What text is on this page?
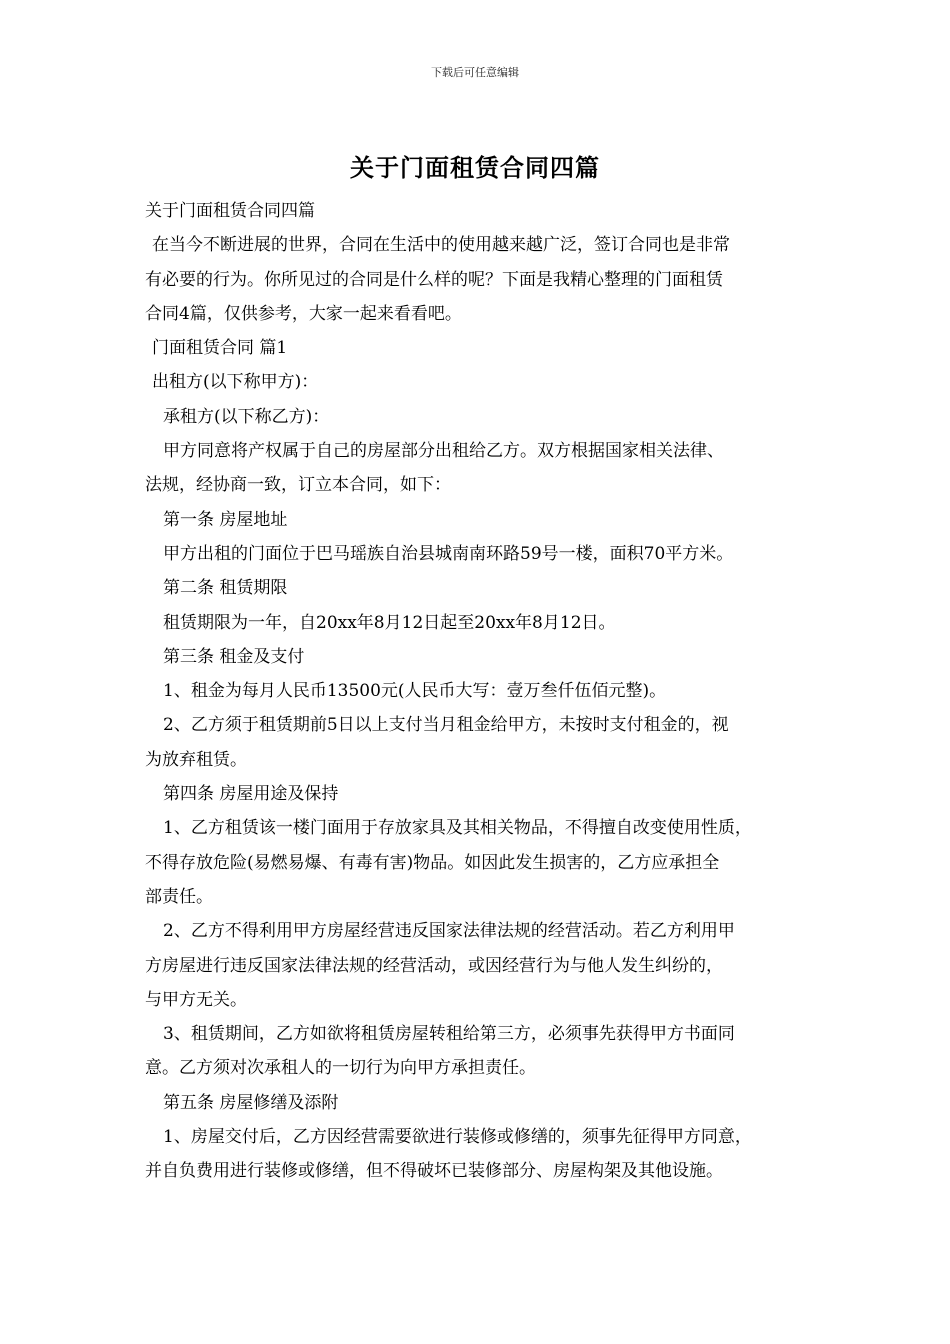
下载后可任意编辑
关于门面租赁合同四篇

关于门面租赁合同四篇

在当今不断进展的世界，合同在生活中的使用越来越广泛，签订合同也是非常

有必要的行为。你所见过的合同是什么样的呢？下面是我精心整理的门面租赁

合同4篇，仅供参考，大家一起来看看吧。

门面租赁合同 篇1

出租方(以下称甲方)：

承租方(以下称乙方)：

甲方同意将产权属于自己的房屋部分出租给乙方。双方根据国家相关法律、

法规，经协商一致，订立本合同，如下：

第一条 房屋地址

甲方出租的门面位于巴马瑶族自治县城南南环路59号一楼，面积70平方米。

第二条 租赁期限

租赁期限为一年，自20xx年8月12日起至20xx年8月12日。

第三条 租金及支付

1、租金为每月人民币13500元(人民币大写：壹万叁仟伍佰元整)。

2、乙方须于租赁期前5日以上支付当月租金给甲方，未按时支付租金的，视

为放弃租赁。

第四条 房屋用途及保持

1、乙方租赁该一楼门面用于存放家具及其相关物品，不得擅自改变使用性质，

不得存放危险(易燃易爆、有毒有害)物品。如因此发生损害的，乙方应承担全

部责任。

2、乙方不得利用甲方房屋经营违反国家法律法规的经营活动。若乙方利用甲

方房屋进行违反国家法律法规的经营活动，或因经营行为与他人发生纠纷的，

与甲方无关。

3、租赁期间，乙方如欲将租赁房屋转租给第三方，必须事先获得甲方书面同

意。乙方须对次承租人的一切行为向甲方承担责任。

第五条 房屋修缮及添附

1、房屋交付后，乙方因经营需要欲进行装修或修缮的，须事先征得甲方同意，

并自负费用进行装修或修缮，但不得破坏已装修部分、房屋构架及其他设施。
